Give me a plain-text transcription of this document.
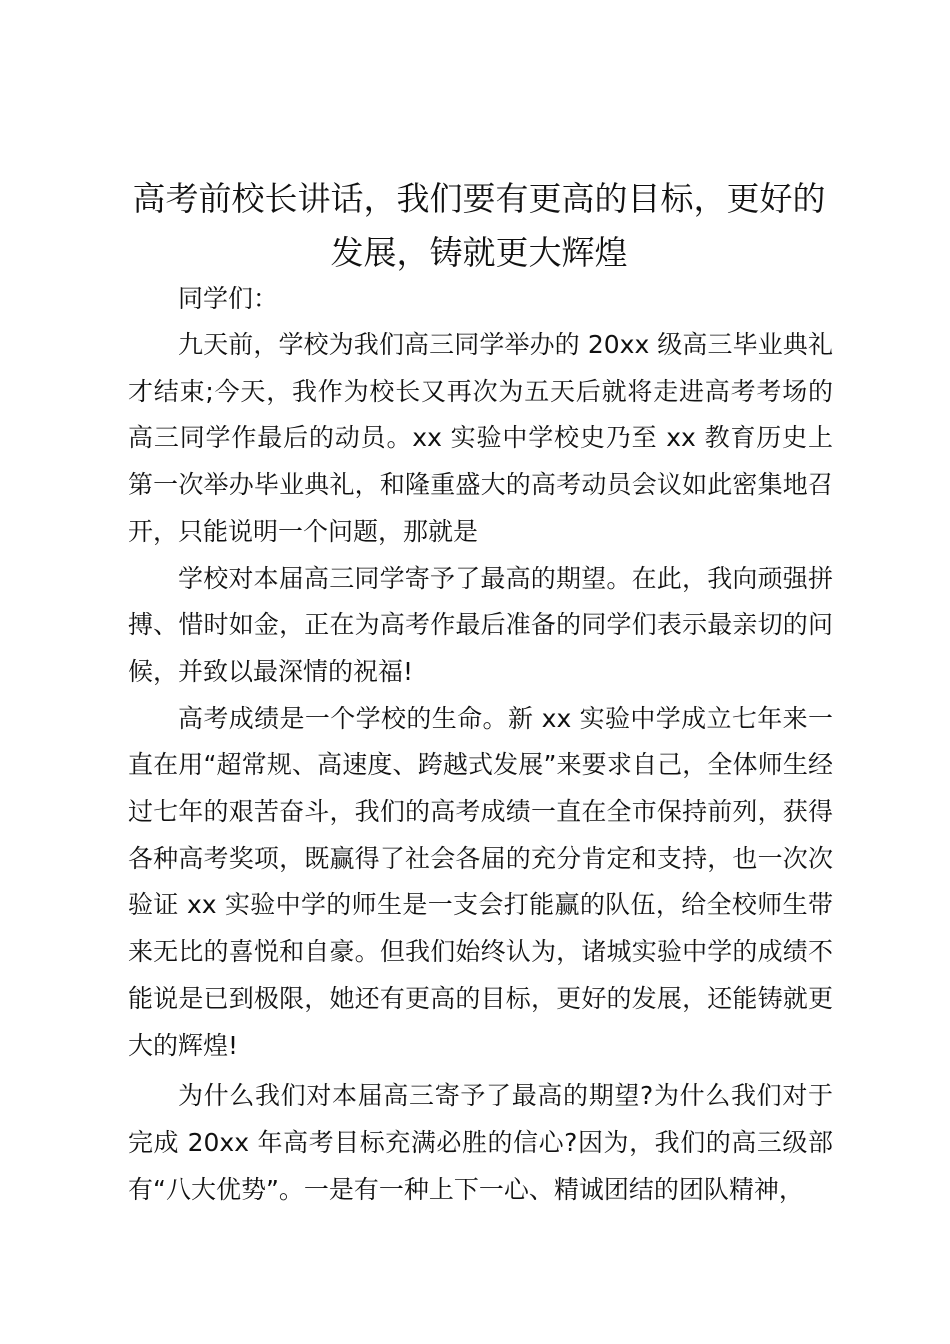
高考前校长讲话，我们要有更高的目标，更好的发展，铸就更大辉煌

同学们：

九天前，学校为我们高三同学举办的 20xx 级高三毕业典礼才结束;今天，我作为校长又再次为五天后就将走进高考考场的高三同学作最后的动员。xx 实验中学校史乃至 xx 教育历史上第一次举办毕业典礼，和隆重盛大的高考动员会议如此密集地召开，只能说明一个问题，那就是

学校对本届高三同学寄予了最高的期望。在此，我向顽强拼搏、惜时如金，正在为高考作最后准备的同学们表示最亲切的问候，并致以最深情的祝福!

高考成绩是一个学校的生命。新 xx 实验中学成立七年来一直在用“超常规、高速度、跨越式发展”来要求自己，全体师生经过七年的艰苦奋斗，我们的高考成绩一直在全市保持前列，获得各种高考奖项，既赢得了社会各届的充分肯定和支持，也一次次验证 xx 实验中学的师生是一支会打能赢的队伍，给全校师生带来无比的喜悦和自豪。但我们始终认为，诸城实验中学的成绩不能说是已到极限，她还有更高的目标，更好的发展，还能铸就更大的辉煌!

为什么我们对本届高三寄予了最高的期望?为什么我们对于完成 20xx 年高考目标充满必胜的信心?因为，我们的高三级部有“八大优势”。一是有一种上下一心、精诚团结的团队精神，
